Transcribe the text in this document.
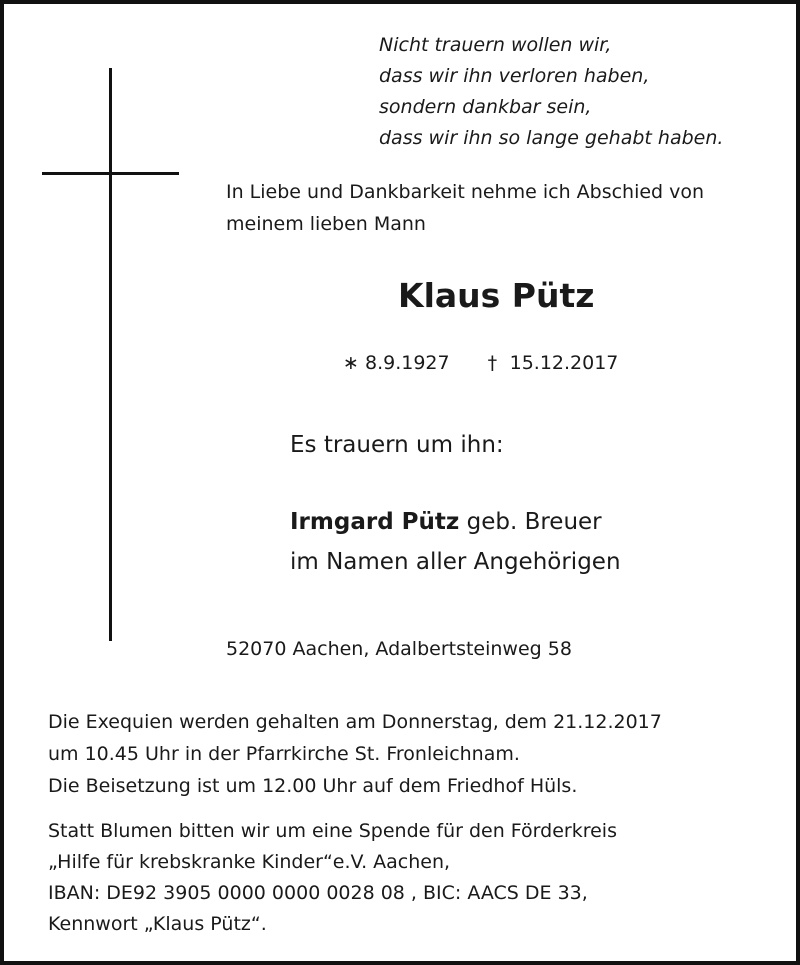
Nicht trauern wollen wir,
dass wir ihn verloren haben,
sondern dankbar sein,
dass wir ihn so lange gehabt haben.
In Liebe und Dankbarkeit nehme ich Abschied von
meinem lieben Mann
Klaus Pütz
∗ 8.9.1927 † 15.12.2017
Es trauern um ihn:
Irmgard Pütz geb. Breuer
im Namen aller Angehörigen
52070 Aachen, Adalbertsteinweg 58
Die Exequien werden gehalten am Donnerstag, dem 21.12.2017
um 10.45 Uhr in der Pfarrkirche St. Fronleichnam.
Die Beisetzung ist um 12.00 Uhr auf dem Friedhof Hüls.
Statt Blumen bitten wir um eine Spende für den Förderkreis
„Hilfe für krebskranke Kinder“e.V. Aachen,
IBAN: DE92 3905 0000 0000 0028 08 , BIC: AACS DE 33,
Kennwort „Klaus Pütz“.
